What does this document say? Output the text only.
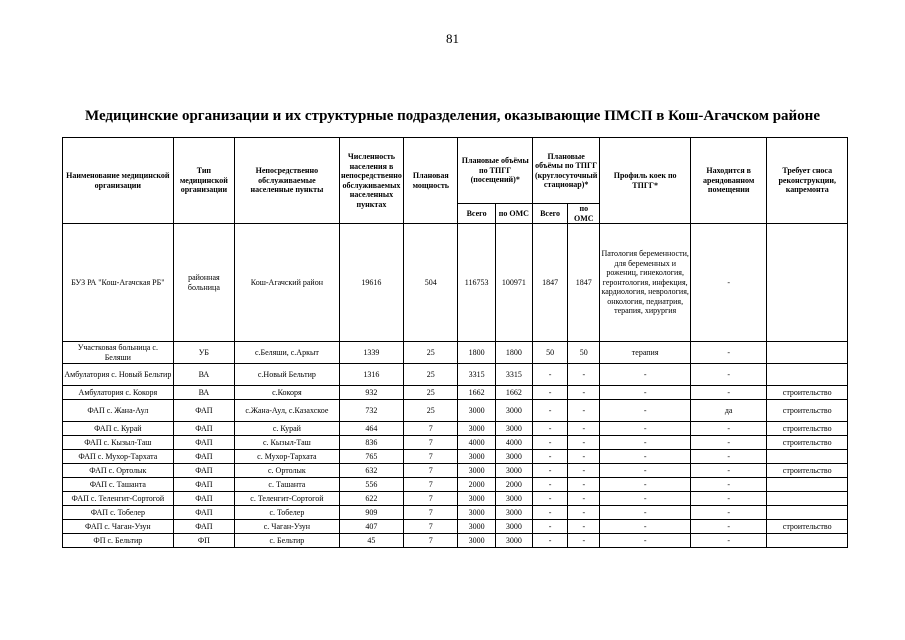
81
Медицинские организации и их структурные подразделения, оказывающие ПМСП в Кош-Агачском районе
Наименование медицинской организации	Тип медицинской организации	Непосредственно обслуживаемые населенные пункты	Численность населения в непосредственно обслуживаемых населенных пунктах	Плановая мощность	Плановые объёмы по ТПГГ (посещений)*		Плановые объёмы по ТПГГ (круглосуточный стационар)*		Профиль коек по ТПГГ*	Находится в арендованном помещении	Требует сноса реконструкции, капремонта
					Всего	по ОМС	Всего	по ОМС			
БУЗ РА "Кош-Агачская РБ"	районная больница	Кош-Агачский район	19616	504	116753	100971	1847	1847	Патология беременности, для беременных и рожениц, гинекология, геронтология, инфекция, кардиология, неврология, онкология, педиатрия, терапия, хирургия	-	
Участковая больница с. Беляши	УБ	с.Беляши, с.Аркыт	1339	25	1800	1800	50	50	терапия	-	
Амбулатория с. Новый Бельтир	ВА	с.Новый Бельтир	1316	25	3315	3315	-	-	-	-	
Амбулатория с. Кокоря	ВА	с.Кокоря	932	25	1662	1662	-	-	-	-	строительство
ФАП с. Жана-Аул	ФАП	с.Жана-Аул, с.Казахское	732	25	3000	3000	-	-	-	да	строительство
ФАП с. Курай	ФАП	с. Курай	464	7	3000	3000	-	-	-	-	строительство
ФАП с. Кызыл-Таш	ФАП	с. Кызыл-Таш	836	7	4000	4000	-	-	-	-	строительство
ФАП с. Мухор-Тархата	ФАП	с. Мухор-Тархата	765	7	3000	3000	-	-	-	-	
ФАП с. Ортолык	ФАП	с. Ортолык	632	7	3000	3000	-	-	-	-	строительство
ФАП с. Ташанта	ФАП	с. Ташанта	556	7	2000	2000	-	-	-	-	
ФАП с. Теленгит-Сортогой	ФАП	с. Теленгит-Сортогой	622	7	3000	3000	-	-	-	-	
ФАП с. Тобелер	ФАП	с. Тобелер	909	7	3000	3000	-	-	-	-	
ФАП с. Чаган-Узун	ФАП	с. Чаган-Узун	407	7	3000	3000	-	-	-	-	строительство
ФП с. Бельтир	ФП	с. Бельтир	45	7	3000	3000	-	-	-	-	
